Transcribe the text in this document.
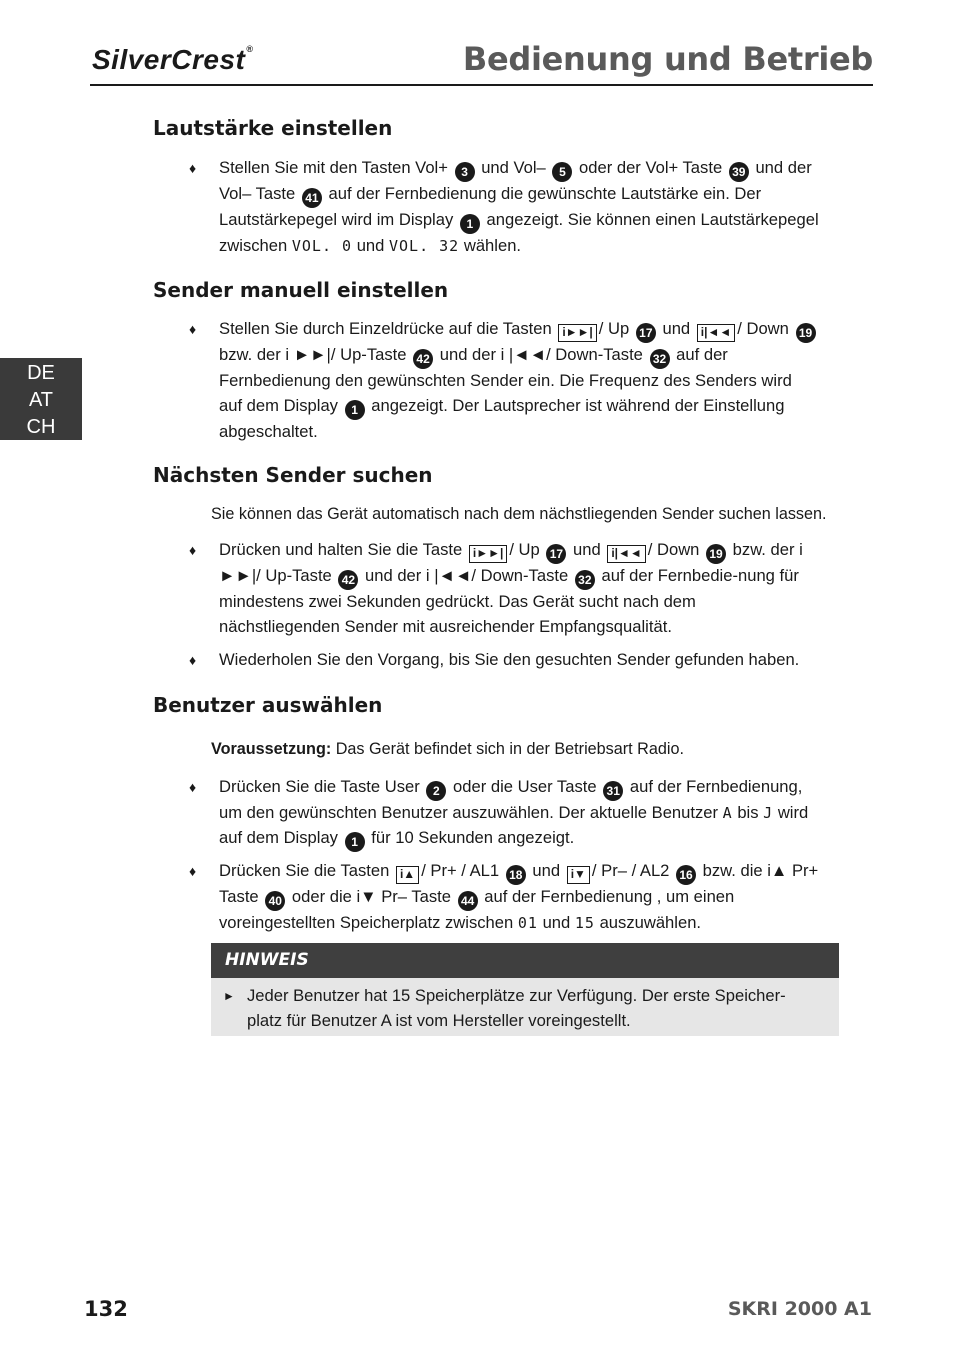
SilverCrest®	Bedienung und Betrieb
DE
AT
CH
Lautstärke einstellen
♦ Stellen Sie mit den Tasten Vol+ 3 und Vol– 5 oder der Vol+ Taste 39 und der Vol– Taste 41 auf der Fernbedienung die gewünschte Lautstärke ein. Der Lautstärkepegel wird im Display 1 angezeigt. Sie können einen Lautstärkepegel zwischen VOL. 0 und VOL. 32 wählen.
Sender manuell einstellen
♦ Stellen Sie durch Einzeldrücke auf die Tasten i►►| / Up 17 und i|◄◄ / Down 19 bzw. der i ►►|/ Up-Taste 42 und der i |◄◄/ Down-Taste 32 auf der Fernbedienung den gewünschten Sender ein. Die Frequenz des Senders wird auf dem Display 1 angezeigt. Der Lautsprecher ist während der Einstellung abgeschaltet.
Nächsten Sender suchen
Sie können das Gerät automatisch nach dem nächstliegenden Sender suchen lassen.
♦ Drücken und halten Sie die Taste i►►| / Up 17 und i|◄◄ / Down 19 bzw. der i ►►|/ Up-Taste 42 und der i |◄◄/ Down-Taste 32 auf der Fernbedie-nung für mindestens zwei Sekunden gedrückt. Das Gerät sucht nach dem nächstliegenden Sender mit ausreichender Empfangsqualität.
♦ Wiederholen Sie den Vorgang, bis Sie den gesuchten Sender gefunden haben.
Benutzer auswählen
Voraussetzung: Das Gerät befindet sich in der Betriebsart Radio.
♦ Drücken Sie die Taste User 2 oder die User Taste 31 auf der Fernbedienung, um den gewünschten Benutzer auszuwählen. Der aktuelle Benutzer A bis J wird auf dem Display 1 für 10 Sekunden angezeigt.
♦ Drücken Sie die Tasten i▲ / Pr+ / AL1 18 und i▼ / Pr– / AL2 16 bzw. die i▲ Pr+ Taste 40 oder die i▼ Pr– Taste 44 auf der Fernbedienung , um einen voreingestellten Speicherplatz zwischen 01 und 15 auszuwählen.
HINWEIS
► Jeder Benutzer hat 15 Speicherplätze zur Verfügung. Der erste Speicher-platz für Benutzer A ist vom Hersteller voreingestellt.
132	SKRI 2000 A1
